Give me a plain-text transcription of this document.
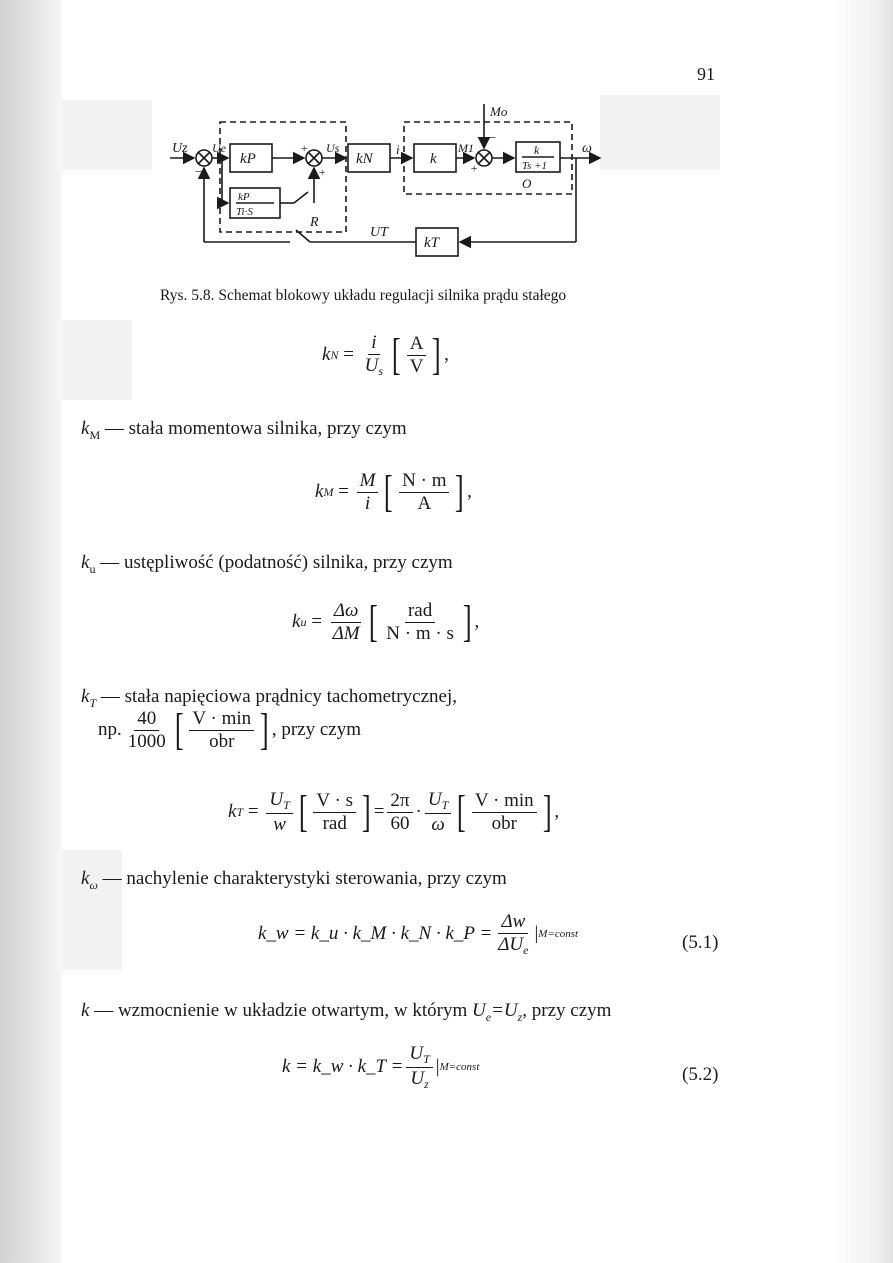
91
Uz Ue	Us	i
Mo
M1	ω
UT
R
O
+
+	+
−
−
kP
kP
Ti·S
kN	k
k
Ts +1
kT
Rys. 5.8. Schemat blokowy układu regulacji silnika prądu stałego
k $N = \frac{i}{U_s}$ [ $\frac{A}{V}$ ] ,
$k_M$ — stała momentowa silnika, przy czym
k $M = \frac{M}{i}$ [ $\frac{N \cdot m}{A}$ ] ,
$k_u$ — ustępliwość (podatność) silnika, przy czym
k $u = \frac{\Delta\omega}{\Delta M}$ [ $\frac{\text{rad}}{N \cdot m \cdot s}$ ] ,
$k_T$ — stała napięciowa prądnicy tachometrycznej,
np. $\frac{40}{1000}$ [ $\frac{V \cdot \min}{\text{obr}}$ ] , przy czym
k $T = \frac{U_T}{w}$ [ $\frac{V \cdot s}{\text{rad}}$ ] = $\frac{2\pi}{60} \cdot \frac{U_T}{\omega}$ [ $\frac{V \cdot \min}{\text{obr}}$ ] ,
$k_\omega$ — nachylenie charakterystyki sterowania, przy czym
k_w = k_u · k_M · k_N · k_P = $\frac{\Delta w}{\Delta U_e}$ | M=const	(5.1)
k — wzmocnienie w układzie otwartym, w którym $U_e=U_z$, przy czym
k = k_w · k_T = $\frac{U_T}{U_z}$ | M=const	(5.2)
